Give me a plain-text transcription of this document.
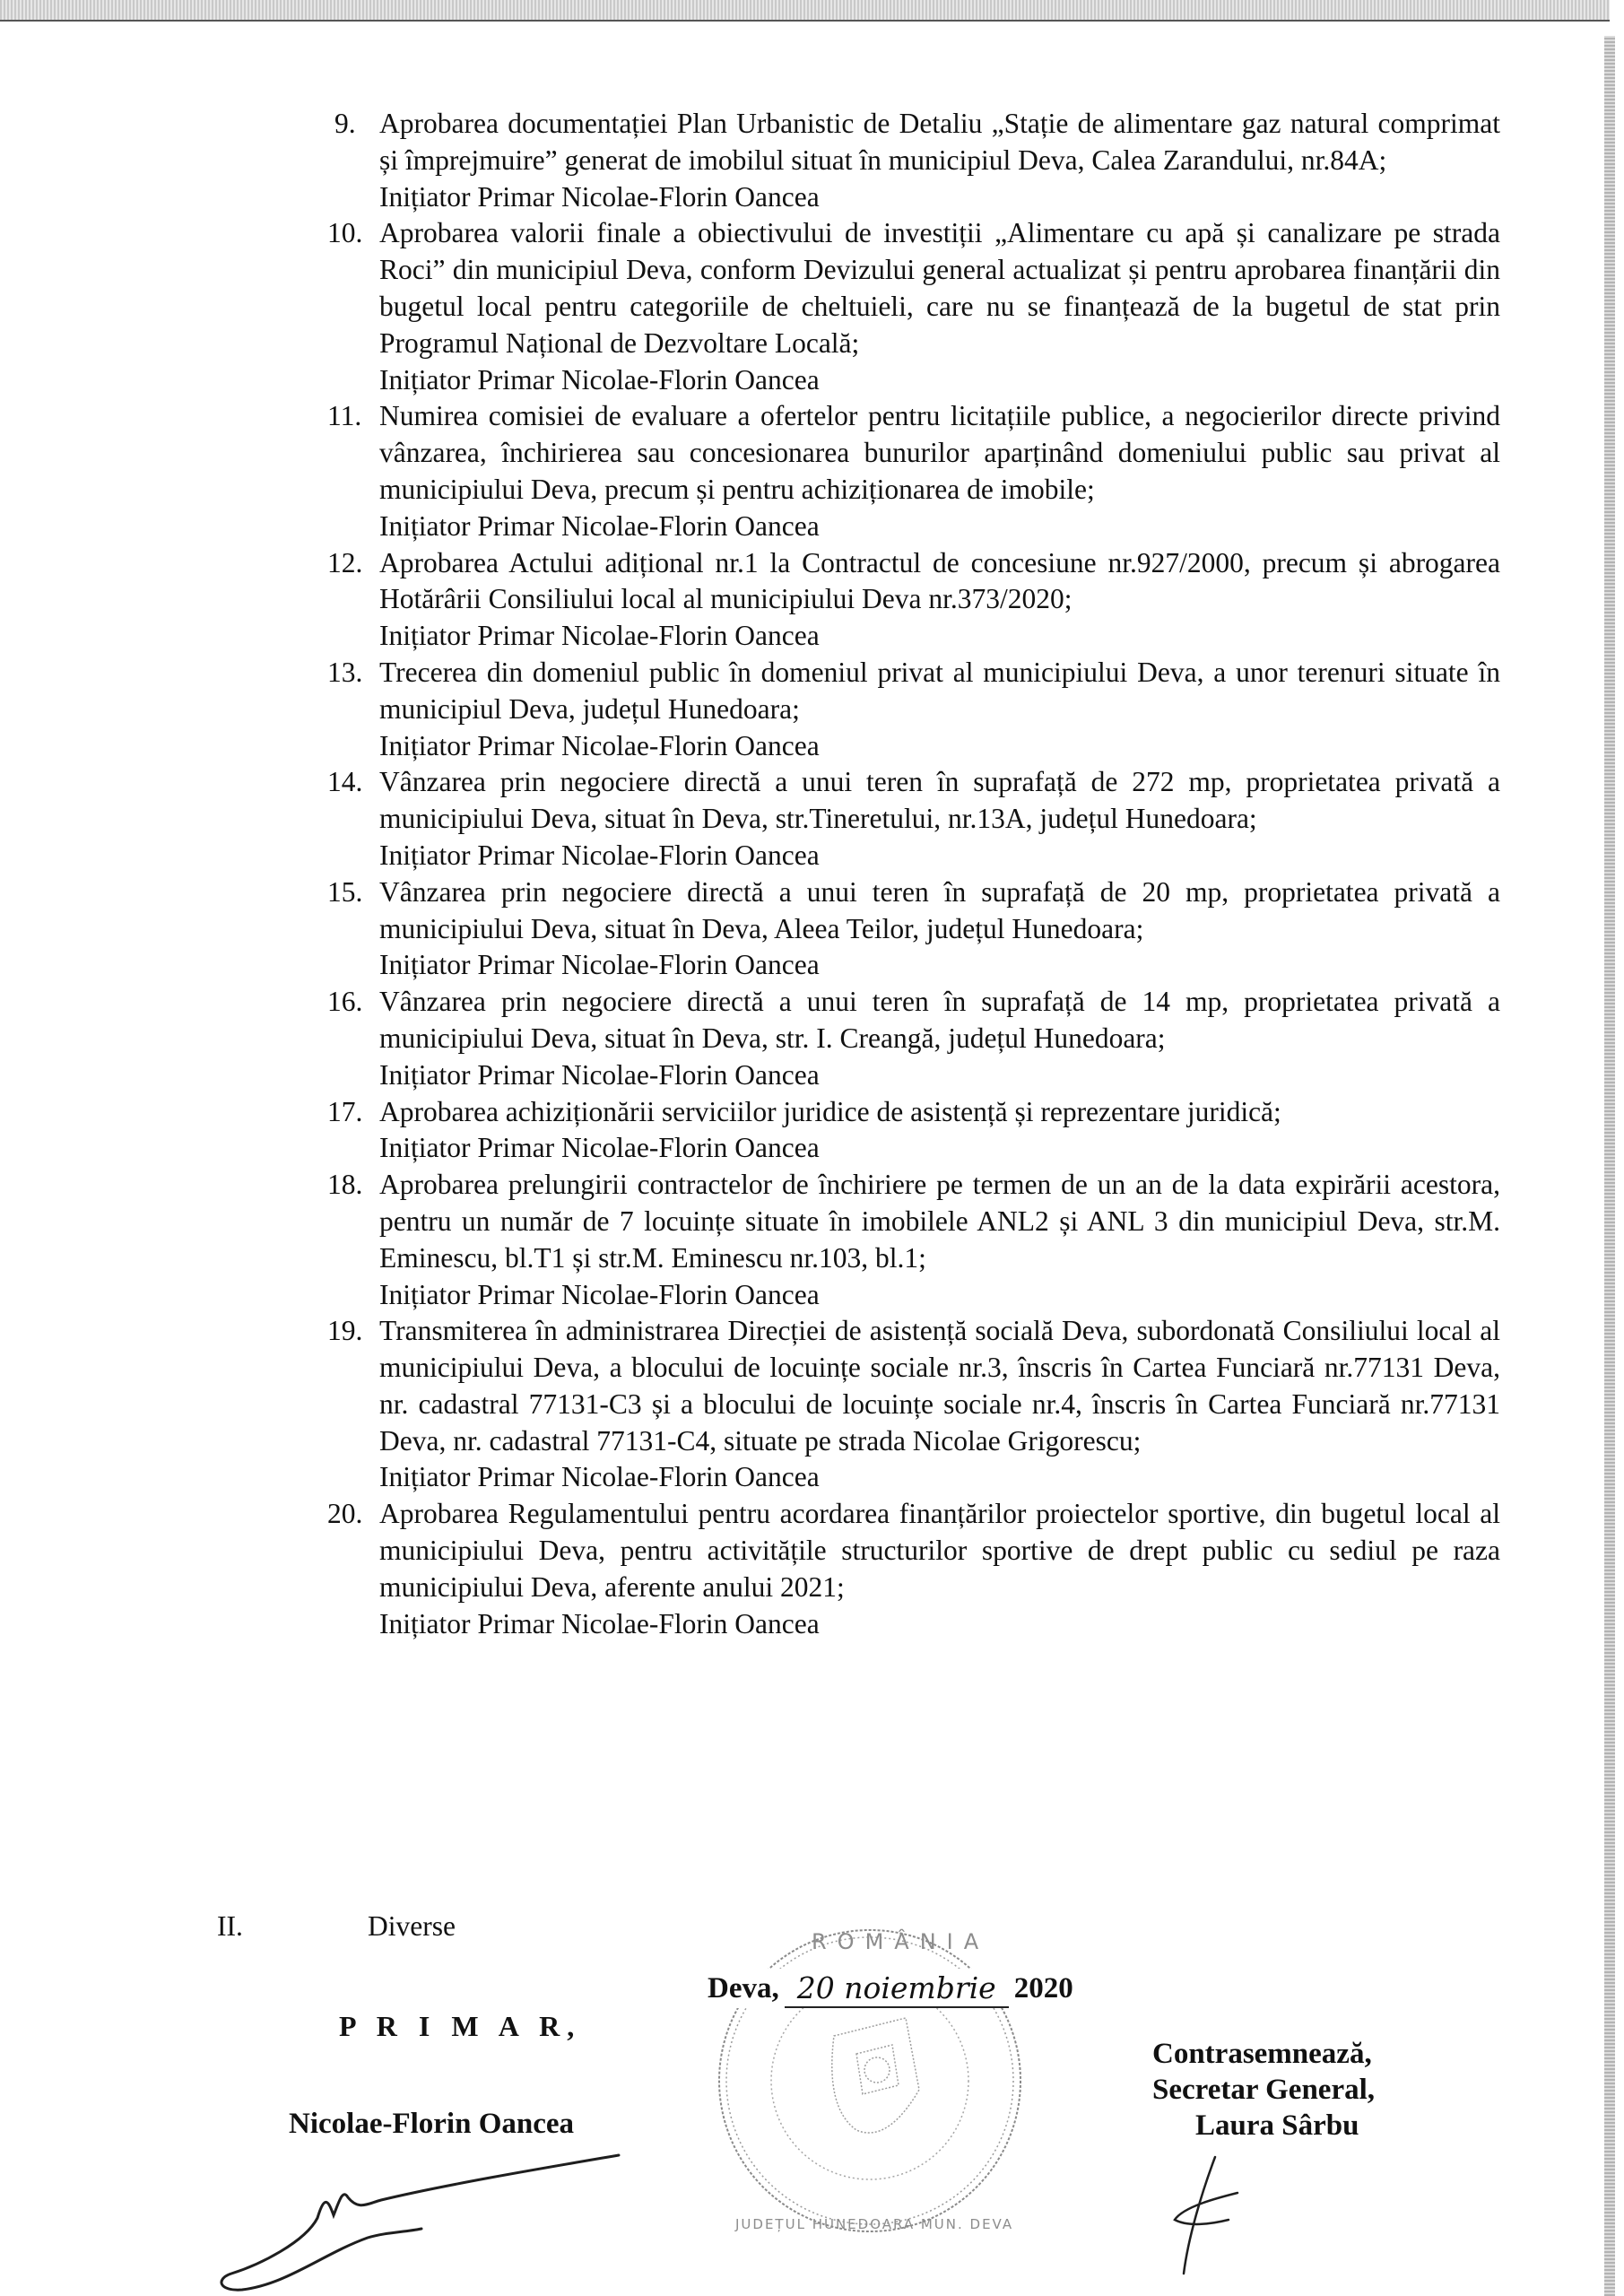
9. Aprobarea documentației Plan Urbanistic de Detaliu „Stație de alimentare gaz natural comprimat și împrejmuire” generat de imobilul situat în municipiul Deva, Calea Zarandului, nr.84A;
Inițiator Primar Nicolae-Florin Oancea
10. Aprobarea valorii finale a obiectivului de investiții „Alimentare cu apă și canalizare pe strada Roci” din municipiul Deva, conform Devizului general actualizat și pentru aprobarea finanțării din bugetul local pentru categoriile de cheltuieli, care nu se finanțează de la bugetul de stat prin Programul Național de Dezvoltare Locală;
Inițiator Primar Nicolae-Florin Oancea
11. Numirea comisiei de evaluare a ofertelor pentru licitațiile publice, a negocierilor directe privind vânzarea, închirierea sau concesionarea bunurilor aparținând domeniului public sau privat al municipiului Deva, precum și pentru achiziționarea de imobile;
Inițiator Primar Nicolae-Florin Oancea
12. Aprobarea Actului adițional nr.1 la Contractul de concesiune nr.927/2000, precum și abrogarea Hotărârii Consiliului local al municipiului Deva nr.373/2020;
Inițiator Primar Nicolae-Florin Oancea
13. Trecerea din domeniul public în domeniul privat al municipiului Deva, a unor terenuri situate în municipiul Deva, județul Hunedoara;
Inițiator Primar Nicolae-Florin Oancea
14. Vânzarea prin negociere directă a unui teren în suprafață de 272 mp, proprietatea privată a municipiului Deva, situat în Deva, str.Tineretului, nr.13A, județul Hunedoara;
Inițiator Primar Nicolae-Florin Oancea
15. Vânzarea prin negociere directă a unui teren în suprafață de 20 mp, proprietatea privată a municipiului Deva, situat în Deva, Aleea Teilor, județul Hunedoara;
Inițiator Primar Nicolae-Florin Oancea
16. Vânzarea prin negociere directă a unui teren în suprafață de 14 mp, proprietatea privată a municipiului Deva, situat în Deva, str. I. Creangă, județul Hunedoara;
Inițiator Primar Nicolae-Florin Oancea
17. Aprobarea achiziționării serviciilor juridice de asistență și reprezentare juridică;
Inițiator Primar Nicolae-Florin Oancea
18. Aprobarea prelungirii contractelor de închiriere pe termen de un an de la data expirării acestora, pentru un număr de 7 locuințe situate în imobilele ANL2 și ANL 3 din municipiul Deva, str.M. Eminescu, bl.T1 și str.M. Eminescu nr.103, bl.1;
Inițiator Primar Nicolae-Florin Oancea
19. Transmiterea în administrarea Direcției de asistență socială Deva, subordonată Consiliului local al municipiului Deva, a blocului de locuințe sociale nr.3, înscris în Cartea Funciară nr.77131 Deva, nr. cadastral 77131-C3 și a blocului de locuințe sociale nr.4, înscris în Cartea Funciară nr.77131 Deva, nr. cadastral 77131-C4, situate pe strada Nicolae Grigorescu;
Inițiator Primar Nicolae-Florin Oancea
20. Aprobarea Regulamentului pentru acordarea finanțărilor proiectelor sportive, din bugetul local al municipiului Deva, pentru activitățile structurilor sportive de drept public cu sediul pe raza municipiului Deva, aferente anului 2021;
Inițiator Primar Nicolae-Florin Oancea
II.	Diverse	ROMÂNIA
JUDEȚUL HUNEDOARA MUN. DEVA
Deva, 20 noiembrie 2020
P R I M A R,
Nicolae-Florin Oancea
Contrasemnează,
Secretar General,
Laura Sârbu
